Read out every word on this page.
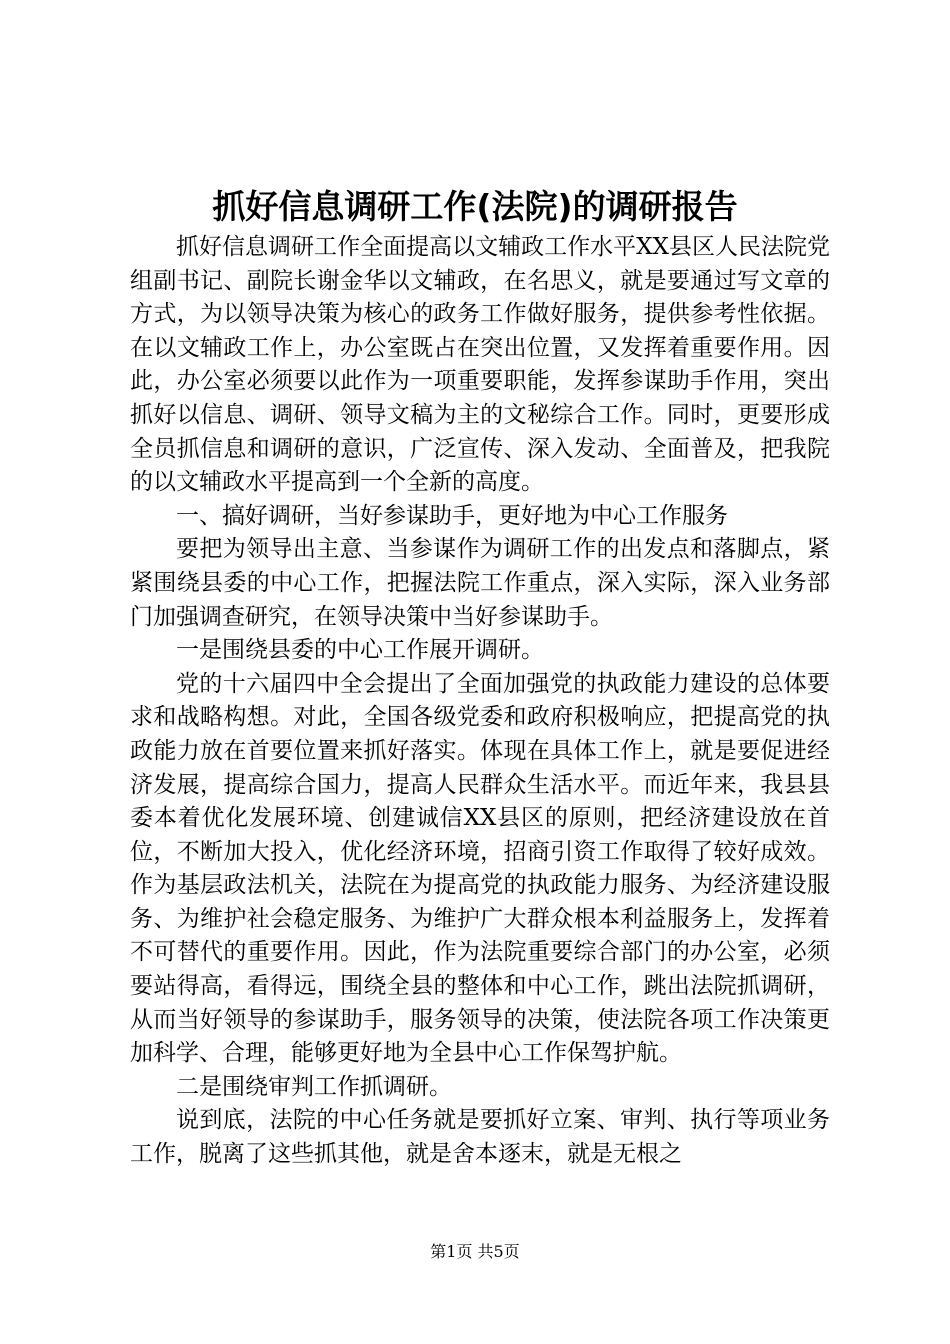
抓好信息调研工作(法院)的调研报告

抓好信息调研工作全面提高以文辅政工作水平XX县区人民法院党组副书记、副院长谢金华以文辅政，在名思义，就是要通过写文章的方式，为以领导决策为核心的政务工作做好服务，提供参考性依据。在以文辅政工作上，办公室既占在突出位置，又发挥着重要作用。因此，办公室必须要以此作为一项重要职能，发挥参谋助手作用，突出抓好以信息、调研、领导文稿为主的文秘综合工作。同时，更要形成全员抓信息和调研的意识，广泛宣传、深入发动、全面普及，把我院的以文辅政水平提高到一个全新的高度。

一、搞好调研，当好参谋助手，更好地为中心工作服务

要把为领导出主意、当参谋作为调研工作的出发点和落脚点，紧紧围绕县委的中心工作，把握法院工作重点，深入实际，深入业务部门加强调查研究，在领导决策中当好参谋助手。

一是围绕县委的中心工作展开调研。

党的十六届四中全会提出了全面加强党的执政能力建设的总体要求和战略构想。对此，全国各级党委和政府积极响应，把提高党的执政能力放在首要位置来抓好落实。体现在具体工作上，就是要促进经济发展，提高综合国力，提高人民群众生活水平。而近年来，我县县委本着优化发展环境、创建诚信XX县区的原则，把经济建设放在首位，不断加大投入，优化经济环境，招商引资工作取得了较好成效。作为基层政法机关，法院在为提高党的执政能力服务、为经济建设服务、为维护社会稳定服务、为维护广大群众根本利益服务上，发挥着不可替代的重要作用。因此，作为法院重要综合部门的办公室，必须要站得高，看得远，围绕全县的整体和中心工作，跳出法院抓调研，从而当好领导的参谋助手，服务领导的决策，使法院各项工作决策更加科学、合理，能够更好地为全县中心工作保驾护航。

二是围绕审判工作抓调研。

说到底，法院的中心任务就是要抓好立案、审判、执行等项业务工作，脱离了这些抓其他，就是舍本逐末，就是无根之

第1页 共5页
